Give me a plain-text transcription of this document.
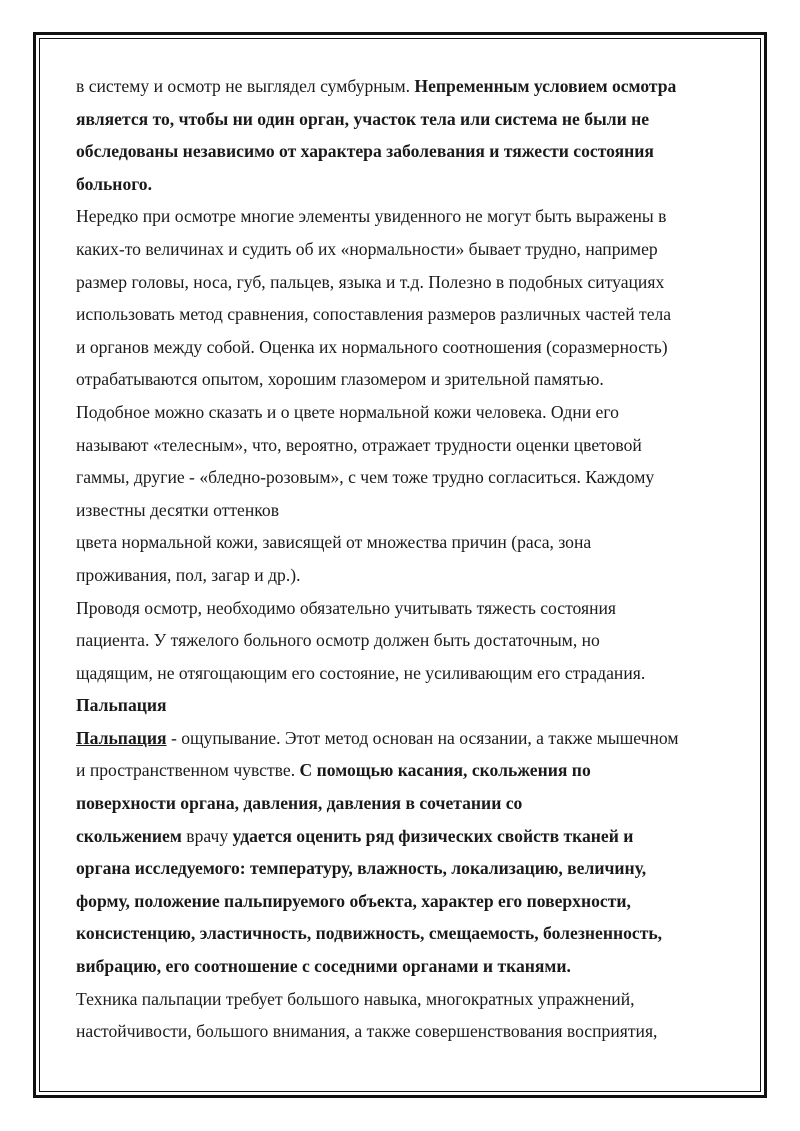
в систему и осмотр не выглядел сумбурным. Непременным условием осмотра
является то, чтобы ни один орган, участок тела или система не были не
обследованы независимо от характера заболевания и тяжести состояния
больного.
Нередко при осмотре многие элементы увиденного не могут быть выражены в
каких-то величинах и судить об их «нормальности» бывает трудно, например
размер головы, носа, губ, пальцев, языка и т.д. Полезно в подобных ситуациях
использовать метод сравнения, сопоставления размеров различных частей тела
и органов между собой. Оценка их нормального соотношения (соразмерность)
отрабатываются опытом, хорошим глазомером и зрительной памятью.
Подобное можно сказать и о цвете нормальной кожи человека. Одни его
называют «телесным», что, вероятно, отражает трудности оценки цветовой
гаммы, другие - «бледно-розовым», с чем тоже трудно согласиться. Каждому
известны десятки оттенков
цвета нормальной кожи, зависящей от множества причин (раса, зона
проживания, пол, загар и др.).
Проводя осмотр, необходимо обязательно учитывать тяжесть состояния
пациента. У тяжелого больного осмотр должен быть достаточным, но
щадящим, не отягощающим его состояние, не усиливающим его страдания.
Пальпация
Пальпация - ощупывание. Этот метод основан на осязании, а также мышечном
и пространственном чувстве. С помощью касания, скольжения по
поверхности органа, давления, давления в сочетании со
скольжением врачу удается оценить ряд физических свойств тканей и
органа исследуемого: температуру, влажность, локализацию, величину,
форму, положение пальпируемого объекта, характер его поверхности,
консистенцию, эластичность, подвижность, смещаемость, болезненность,
вибрацию, его соотношение с соседними органами и тканями.
Техника пальпации требует большого навыка, многократных упражнений,
настойчивости, большого внимания, а также совершенствования восприятия,
